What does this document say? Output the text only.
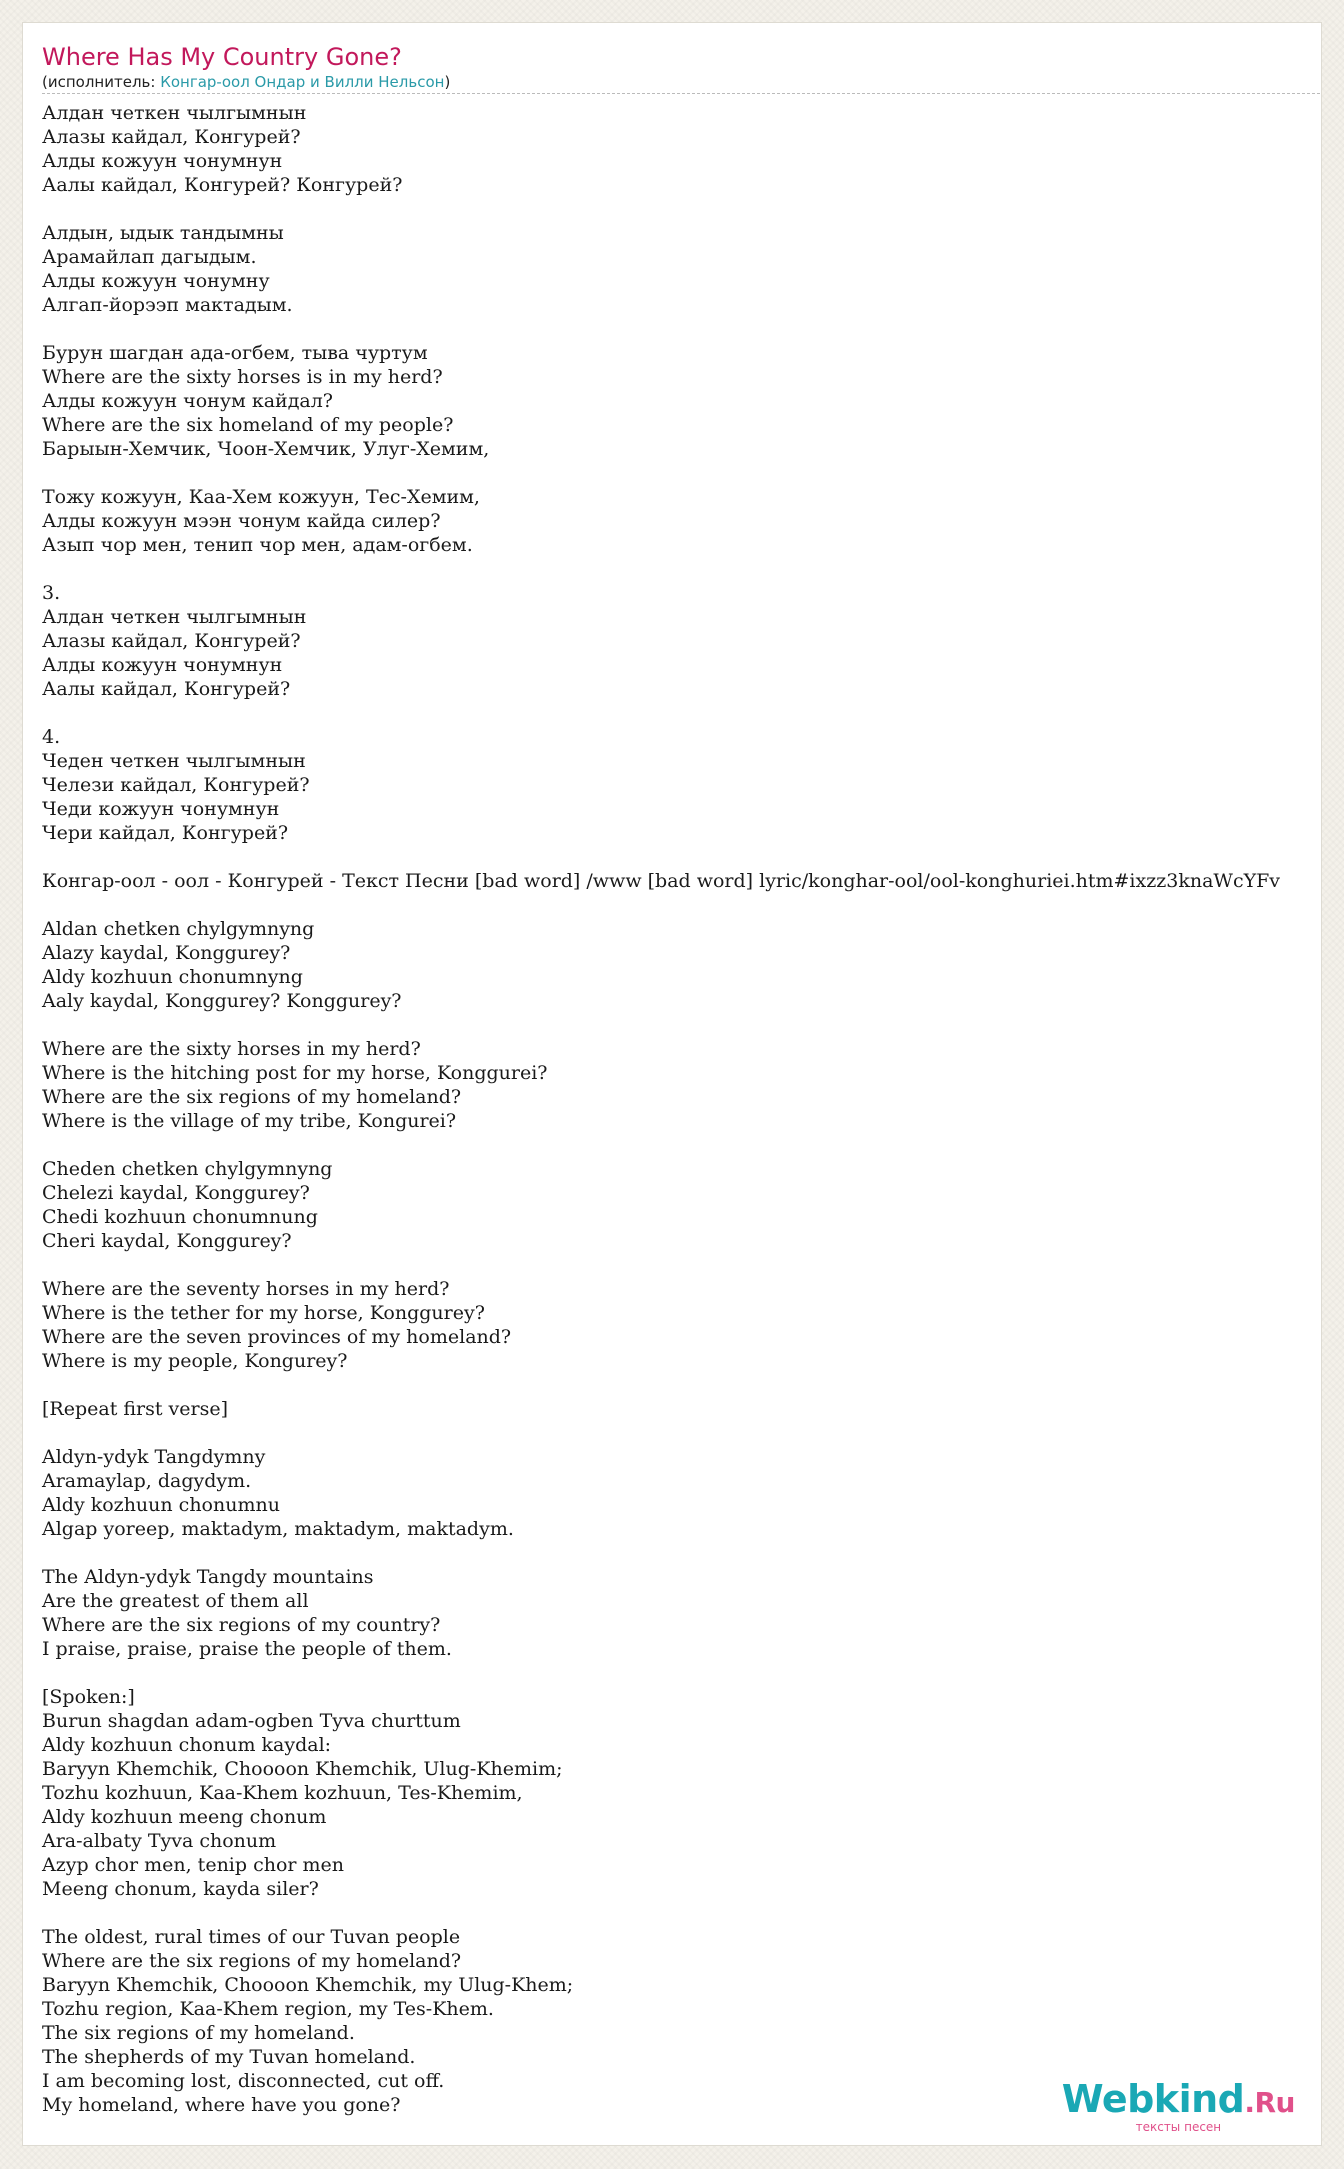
Where Has My Country Gone?
(исполнитель: Конгар-оол Ондар и Вилли Нельсон)
Алдан четкен чылгымнын
Алазы кайдал, Конгурей?
Алды кожуун чонумнун
Аалы кайдал, Конгурей? Конгурей?

Алдын, ыдык тандымны
Арамайлап дагыдым.
Алды кожуун чонумну
Алгап-йорээп мактадым.

Бурун шагдан ада-огбем, тыва чуртум
Where are the sixty horses is in my herd?
Алды кожуун чонум кайдал?
Where are the six homeland of my people?
Барыын-Хемчик, Чоон-Хемчик, Улуг-Хемим,

Тожу кожуун, Каа-Хем кожуун, Тес-Хемим,
Алды кожуун мээн чонум кайда силер?
Азып чор мен, тенип чор мен, адам-огбем.

3.
Алдан четкен чылгымнын
Алазы кайдал, Конгурей?
Алды кожуун чонумнун
Аалы кайдал, Конгурей?

4.
Чеден четкен чылгымнын
Челези кайдал, Конгурей?
Чеди кожуун чонумнун
Чери кайдал, Конгурей?

Конгар-оол - оол - Конгурей - Текст Песни [bad word] /www [bad word] lyric/konghar-ool/ool-konghuriei.htm#ixzz3knaWcYFv

Aldan chetken chylgymnyng
Alazy kaydal, Konggurey?
Aldy kozhuun chonumnyng
Aaly kaydal, Konggurey? Konggurey?

Where are the sixty horses in my herd?
Where is the hitching post for my horse, Konggurei?
Where are the six regions of my homeland?
Where is the village of my tribe, Kongurei?

Cheden chetken chylgymnyng
Chelezi kaydal, Konggurey?
Chedi kozhuun chonumnung
Cheri kaydal, Konggurey?

Where are the seventy horses in my herd?
Where is the tether for my horse, Konggurey?
Where are the seven provinces of my homeland?
Where is my people, Kongurey?

[Repeat first verse]

Aldyn-ydyk Tangdymny
Aramaylap, dagydym.
Aldy kozhuun chonumnu
Algap yoreep, maktadym, maktadym, maktadym.

The Aldyn-ydyk Tangdy mountains
Are the greatest of them all
Where are the six regions of my country?
I praise, praise, praise the people of them.

[Spoken:]
Burun shagdan adam-ogben Tyva churttum
Aldy kozhuun chonum kaydal:
Baryyn Khemchik, Choooon Khemchik, Ulug-Khemim;
Tozhu kozhuun, Kaa-Khem kozhuun, Tes-Khemim,
Aldy kozhuun meeng chonum
Ara-albaty Tyva chonum
Azyp chor men, tenip chor men
Meeng chonum, kayda siler?

The oldest, rural times of our Tuvan people
Where are the six regions of my homeland?
Baryyn Khemchik, Choooon Khemchik, my Ulug-Khem;
Tozhu region, Kaa-Khem region, my Tes-Khem.
The six regions of my homeland.
The shepherds of my Tuvan homeland.
I am becoming lost, disconnected, cut off.
My homeland, where have you gone?	Webkind.Ru
тексты песен
